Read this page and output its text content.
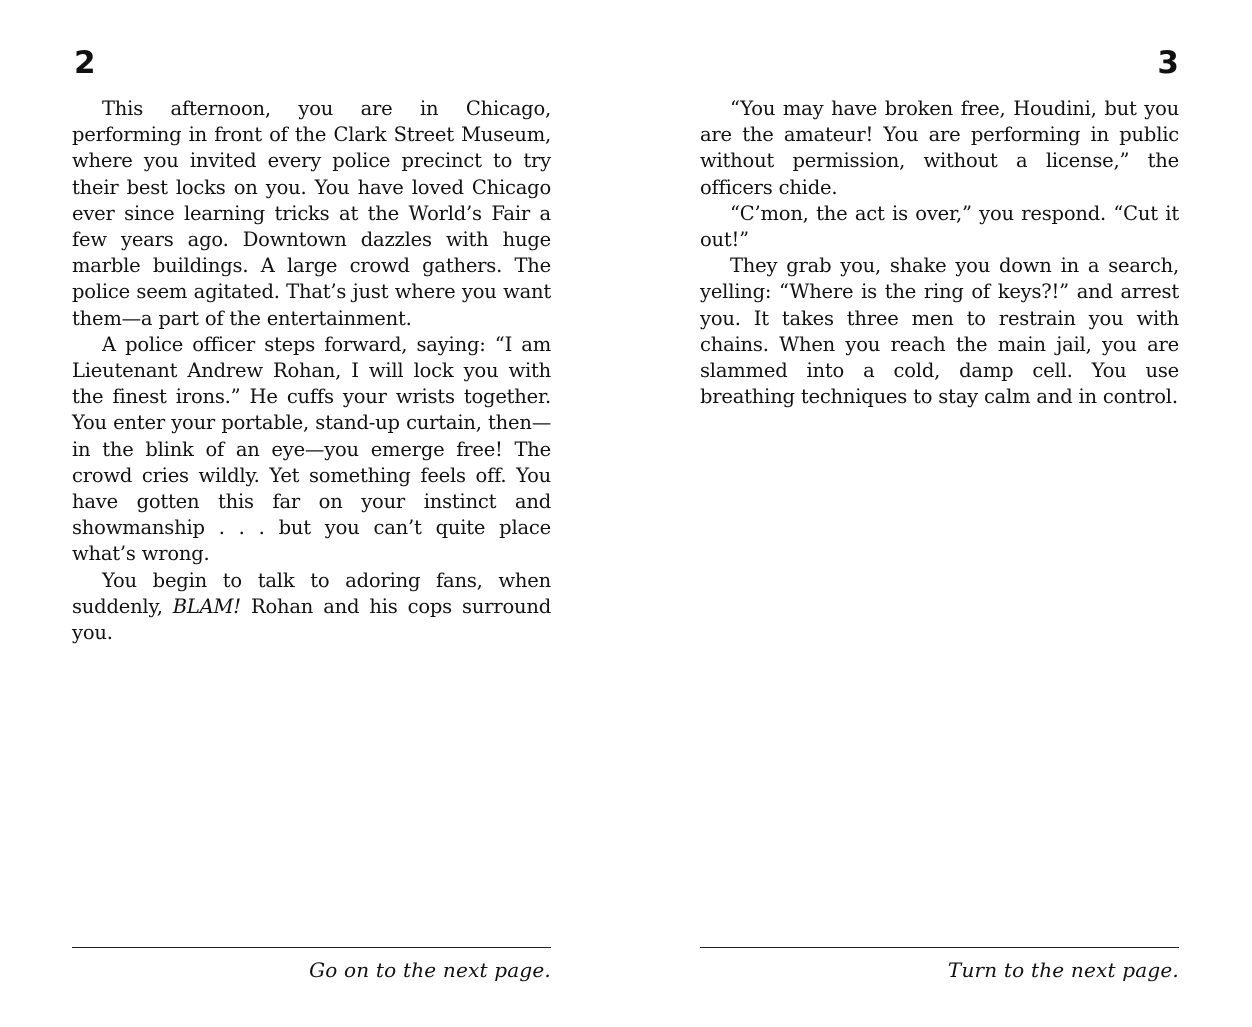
2

This afternoon, you are in Chicago, performing in front of the Clark Street Museum, where you invited every police precinct to try their best locks on you. You have loved Chicago ever since learning tricks at the World’s Fair a few years ago. Downtown dazzles with huge marble buildings. A large crowd gathers. The police seem agitated. That’s just where you want them—a part of the entertainment.

A police officer steps forward, saying: “I am Lieutenant Andrew Rohan, I will lock you with the finest irons.” He cuffs your wrists together. You enter your portable, stand-up curtain, then—in the blink of an eye—you emerge free! The crowd cries wildly. Yet something feels off. You have gotten this far on your instinct and showmanship . . . but you can’t quite place what’s wrong.

You begin to talk to adoring fans, when suddenly, BLAM! Rohan and his cops surround you.

Go on to the next page.
3

“You may have broken free, Houdini, but you are the amateur! You are performing in public without permission, without a license,” the officers chide.

“C’mon, the act is over,” you respond. “Cut it out!”

They grab you, shake you down in a search, yelling: “Where is the ring of keys?!” and arrest you. It takes three men to restrain you with chains. When you reach the main jail, you are slammed into a cold, damp cell. You use breathing techniques to stay calm and in control.

Turn to the next page.
